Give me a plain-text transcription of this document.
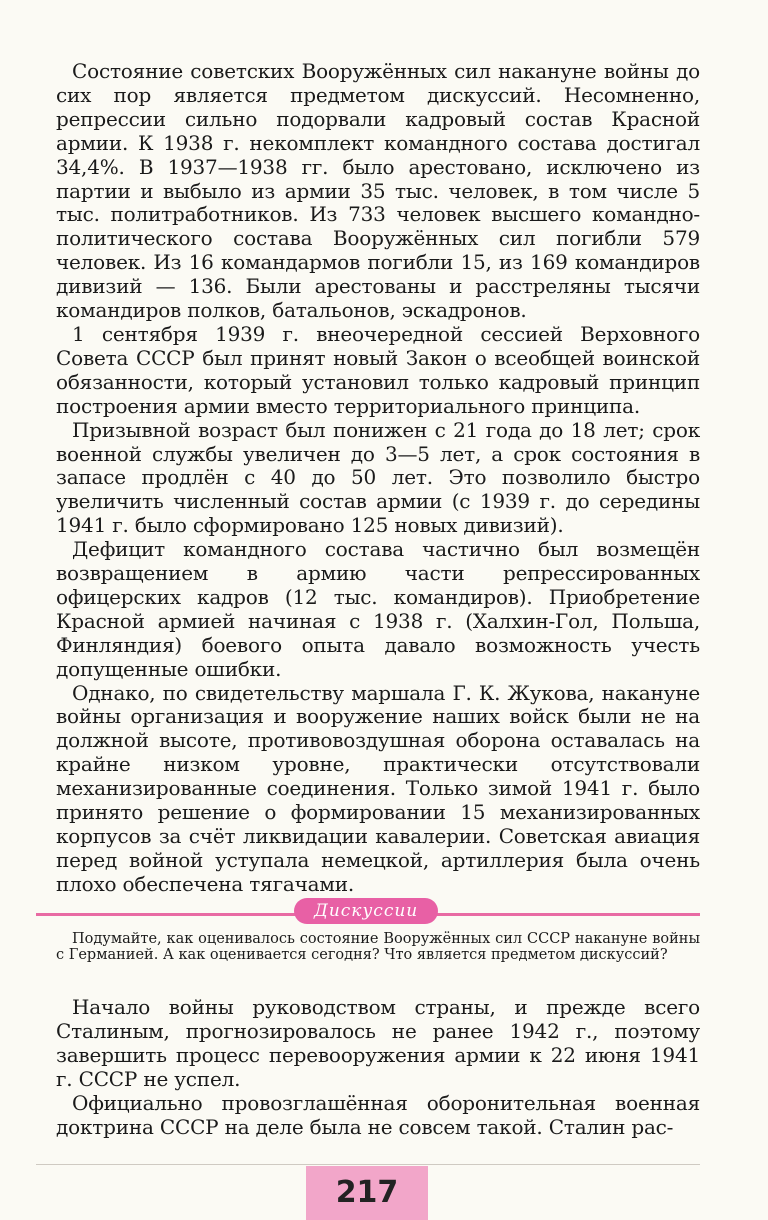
Состояние советских Вооружённых сил накануне войны до сих пор является предметом дискуссий. Несомненно, репрессии сильно подорвали кадровый состав Красной армии. К 1938 г. некомплект командного состава достигал 34,4%. В 1937—1938 гг. было арестовано, исключено из партии и выбыло из армии 35 тыс. человек, в том числе 5 тыс. политработников. Из 733 человек высшего командно-политического состава Вооружённых сил погибли 579 человек. Из 16 командармов погибли 15, из 169 командиров дивизий — 136. Были арестованы и расстреляны тысячи командиров полков, батальонов, эскадронов.

1 сентября 1939 г. внеочередной сессией Верховного Совета СССР был принят новый Закон о всеобщей воинской обязанности, который установил только кадровый принцип построения армии вместо территориального принципа.

Призывной возраст был понижен с 21 года до 18 лет; срок военной службы увеличен до 3—5 лет, а срок состояния в запасе продлён с 40 до 50 лет. Это позволило быстро увеличить численный состав армии (с 1939 г. до середины 1941 г. было сформировано 125 новых дивизий).

Дефицит командного состава частично был возмещён возвращением в армию части репрессированных офицерских кадров (12 тыс. командиров). Приобретение Красной армией начиная с 1938 г. (Халхин-Гол, Польша, Финляндия) боевого опыта давало возможность учесть допущенные ошибки.

Однако, по свидетельству маршала Г. К. Жукова, накануне войны организация и вооружение наших войск были не на должной высоте, противовоздушная оборона оставалась на крайне низком уровне, практически отсутствовали механизированные соединения. Только зимой 1941 г. было принято решение о формировании 15 механизированных корпусов за счёт ликвидации кавалерии. Советская авиация перед войной уступала немецкой, артиллерия была очень плохо обеспечена тягачами.

Дискуссии

Подумайте, как оценивалось состояние Вооружённых сил СССР накануне войны с Германией. А как оценивается сегодня? Что является предметом дискуссий?

Начало войны руководством страны, и прежде всего Сталиным, прогнозировалось не ранее 1942 г., поэтому завершить процесс перевооружения армии к 22 июня 1941 г. СССР не успел.

Официально провозглашённая оборонительная военная доктрина СССР на деле была не совсем такой. Сталин рас-

217
